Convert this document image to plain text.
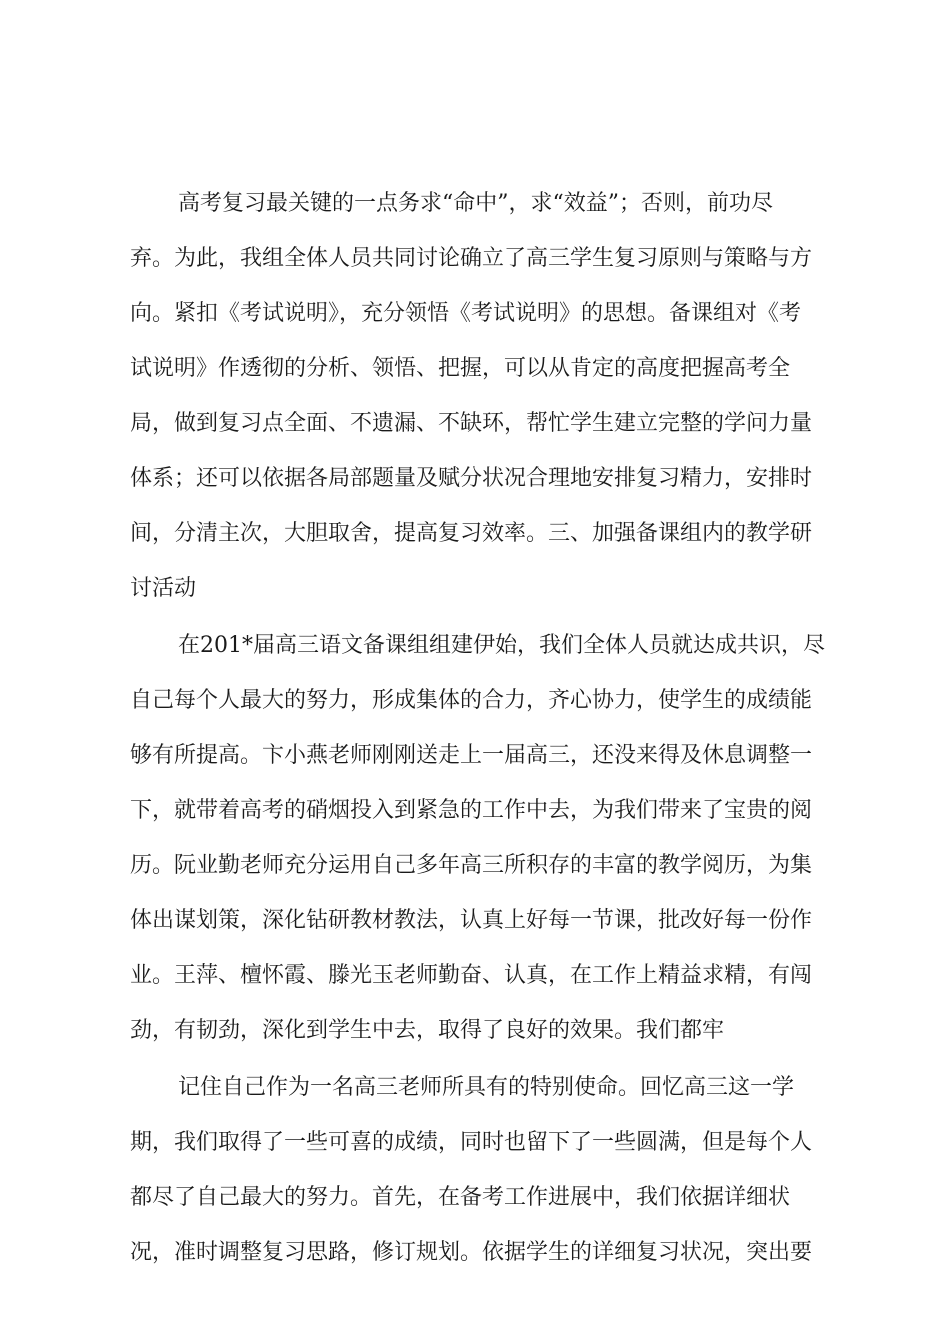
高考复习最关键的一点务求“命中”，求“效益”；否则，前功尽

弃。为此，我组全体人员共同讨论确立了高三学生复习原则与策略与方

向。紧扣《考试说明》，充分领悟《考试说明》的思想。备课组对《考

试说明》作透彻的分析、领悟、把握，可以从肯定的高度把握高考全

局，做到复习点全面、不遗漏、不缺环，帮忙学生建立完整的学问力量

体系；还可以依据各局部题量及赋分状况合理地安排复习精力，安排时

间，分清主次，大胆取舍，提高复习效率。三、加强备课组内的教学研

讨活动

在201*届高三语文备课组组建伊始，我们全体人员就达成共识，尽

自己每个人最大的努力，形成集体的合力，齐心协力，使学生的成绩能

够有所提高。卞小燕老师刚刚送走上一届高三，还没来得及休息调整一

下，就带着高考的硝烟投入到紧急的工作中去，为我们带来了宝贵的阅

历。阮业勤老师充分运用自己多年高三所积存的丰富的教学阅历，为集

体出谋划策，深化钻研教材教法，认真上好每一节课，批改好每一份作

业。王萍、檀怀霞、滕光玉老师勤奋、认真，在工作上精益求精，有闯

劲，有韧劲，深化到学生中去，取得了良好的效果。我们都牢

记住自己作为一名高三老师所具有的特别使命。回忆高三这一学

期，我们取得了一些可喜的成绩，同时也留下了一些圆满，但是每个人

都尽了自己最大的努力。首先，在备考工作进展中，我们依据详细状

况，准时调整复习思路，修订规划。依据学生的详细复习状况，突出要
